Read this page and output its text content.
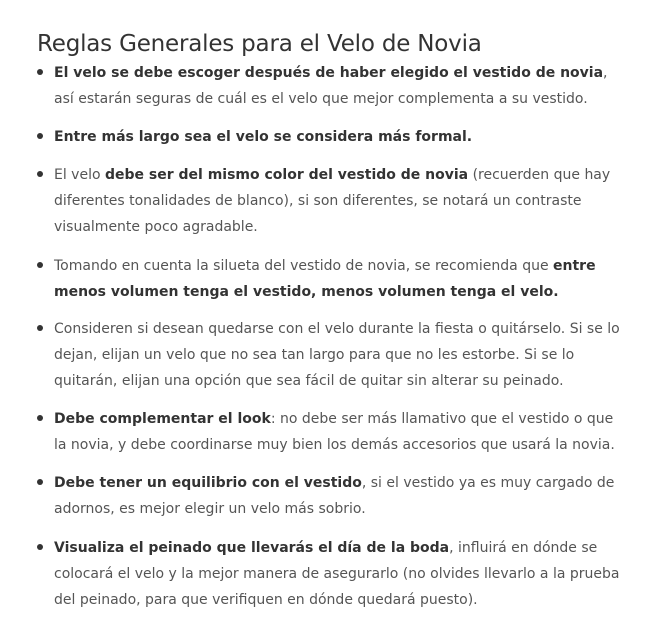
Reglas Generales para el Velo de Novia
El velo se debe escoger después de haber elegido el vestido de novia, así estarán seguras de cuál es el velo que mejor complementa a su vestido.
Entre más largo sea el velo se considera más formal.
El velo debe ser del mismo color del vestido de novia (recuerden que hay diferentes tonalidades de blanco), si son diferentes, se notará un contraste visualmente poco agradable.
Tomando en cuenta la silueta del vestido de novia, se recomienda que entre menos volumen tenga el vestido, menos volumen tenga el velo.
Consideren si desean quedarse con el velo durante la fiesta o quitárselo. Si se lo dejan, elijan un velo que no sea tan largo para que no les estorbe. Si se lo quitarán, elijan una opción que sea fácil de quitar sin alterar su peinado.
Debe complementar el look: no debe ser más llamativo que el vestido o que la novia, y debe coordinarse muy bien los demás accesorios que usará la novia.
Debe tener un equilibrio con el vestido, si el vestido ya es muy cargado de adornos, es mejor elegir un velo más sobrio.
Visualiza el peinado que llevarás el día de la boda, influirá en dónde se colocará el velo y la mejor manera de asegurarlo (no olvides llevarlo a la prueba del peinado, para que verifiquen en dónde quedará puesto).
